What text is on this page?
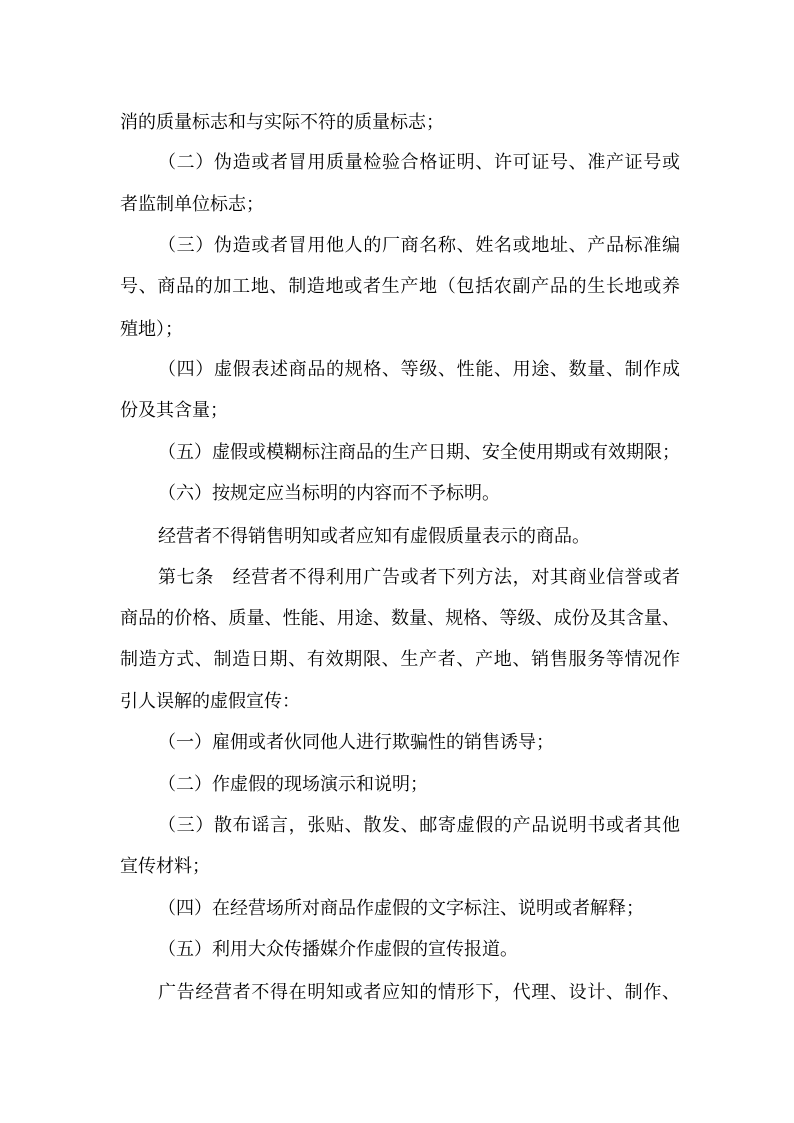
消的质量标志和与实际不符的质量标志；
（二）伪造或者冒用质量检验合格证明、许可证号、准产证号或
者监制单位标志；
（三）伪造或者冒用他人的厂商名称、姓名或地址、产品标准编
号、商品的加工地、制造地或者生产地（包括农副产品的生长地或养
殖地）；
（四）虚假表述商品的规格、等级、性能、用途、数量、制作成
份及其含量；
（五）虚假或模糊标注商品的生产日期、安全使用期或有效期限；
（六）按规定应当标明的内容而不予标明。
经营者不得销售明知或者应知有虚假质量表示的商品。
第七条　经营者不得利用广告或者下列方法，对其商业信誉或者
商品的价格、质量、性能、用途、数量、规格、等级、成份及其含量、
制造方式、制造日期、有效期限、生产者、产地、销售服务等情况作
引人误解的虚假宣传：
（一）雇佣或者伙同他人进行欺骗性的销售诱导；
（二）作虚假的现场演示和说明；
（三）散布谣言，张贴、散发、邮寄虚假的产品说明书或者其他
宣传材料；
（四）在经营场所对商品作虚假的文字标注、说明或者解释；
（五）利用大众传播媒介作虚假的宣传报道。
广告经营者不得在明知或者应知的情形下，代理、设计、制作、
